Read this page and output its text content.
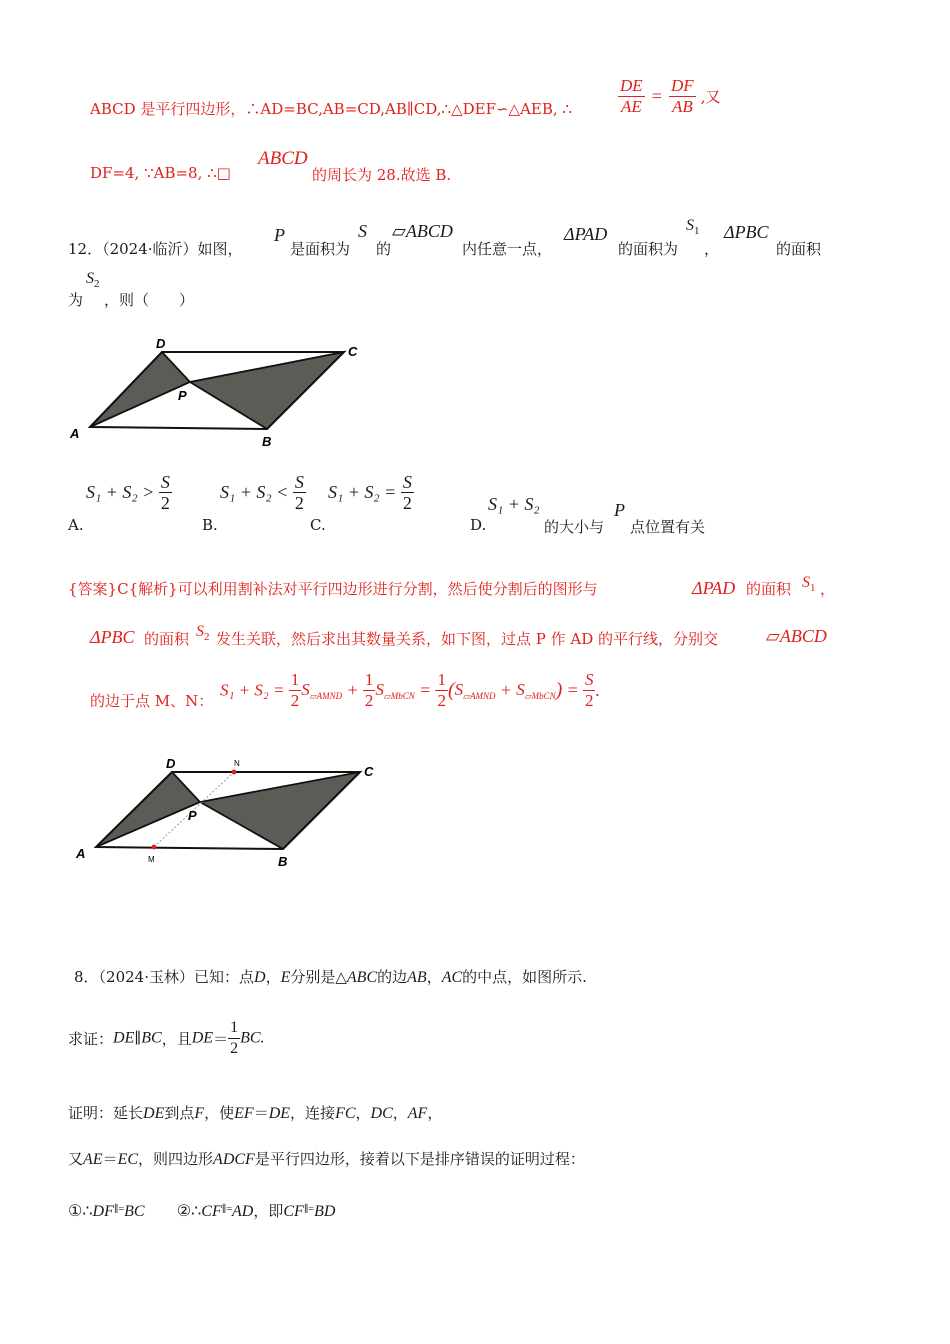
ABCD 是平行四边形，∴AD=BC,AB=CD,AB∥CD,∴△DEF∽△AEB, ∴	$\frac{DE}{AE} = \frac{DF}{AB}$ ,又
DF=4, ∵AB=8, ∴□
ABCD
的周长为 28.故选 B.
12．（2024·临沂）如图，
P
是面积为
S
的
▱ABCD
内任意一点，
ΔPAD
的面积为
$S_1$
，
ΔPBC
的面积
$S_2$
为 ，则（　　）
A
B
C
D
P
A.
$S_1 + S_2 > \frac{S}{2}$
B.
$S_1 + S_2 < \frac{S}{2}$
C.
$S_1 + S_2 = \frac{S}{2}$
D.
S₁ + S₂
的大小与
P
点位置有关
{答案}C{解析}可以利用割补法对平行四边形进行分割，然后使分割后的图形与	ΔPAD 的面积 $S_1$ ，
ΔPBC 的面积 $S_2$ 发生关联，然后求出其数量关系，如下图，过点 P 作 AD 的平行线，分别交	▱ABCD
的边于点 M、N：
$S_1 + S_2 = \frac{1}{2} S_{▱AMND} + \frac{1}{2} S_{▱MbCN} = \frac{1}{2} (S_{▱AMND} + S_{▱MbCN}) = \frac{S}{2}$ .
A
B
C
D
P
M
N
8．（2024·玉林）已知：点D，E分别是△ABC的边AB，AC的中点，如图所示.
求证：DE∥BC，且$DE= \frac{1}{2}$ BC.
证明：延长DE到点F，使EF＝DE，连接FC，DC，AF，
又AE＝EC，则四边形ADCF是平行四边形，接着以下是排序错误的证明过程：
①∴DF∥=BC ②∴CF∥=AD，即CF∥=BD
